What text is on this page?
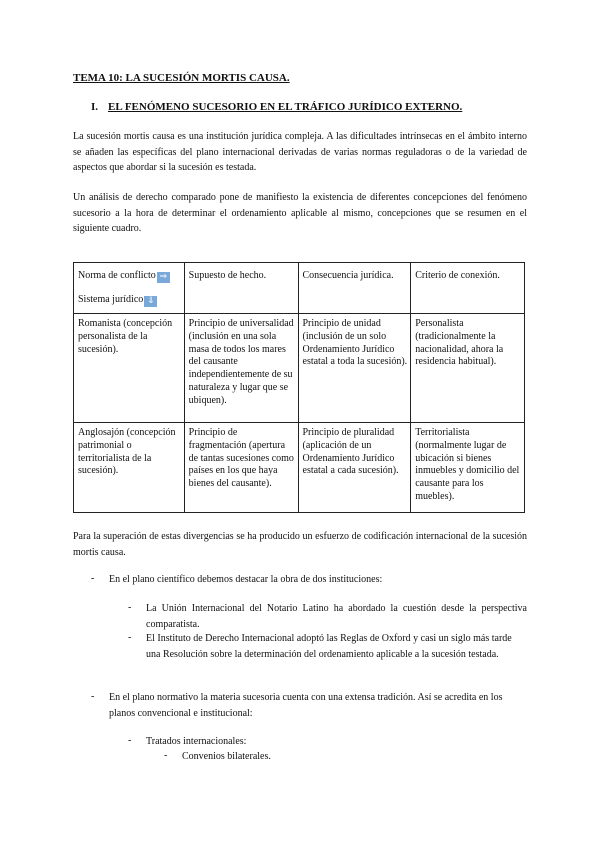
TEMA 10: LA SUCESIÓN MORTIS CAUSA.

I. EL FENÓMENO SUCESORIO EN EL TRÁFICO JURÍDICO EXTERNO.

La sucesión mortis causa es una institución jurídica compleja. A las dificultades intrínsecas en el ámbito interno se añaden las específicas del plano internacional derivadas de varias normas reguladoras o de la variedad de aspectos que abordar si la sucesión es testada.

Un análisis de derecho comparado pone de manifiesto la existencia de diferentes concepciones del fenómeno sucesorio a la hora de determinar el ordenamiento aplicable al mismo, concepciones que se resumen en el siguiente cuadro.

Norma de conflicto ⇒
Sistema jurídico ⇓	Supuesto de hecho.	Consecuencia jurídica.	Criterio de conexión.
Romanista (concepción personalista de la sucesión).	Principio de universalidad (inclusión en una sola masa de todos los mares del causante independientemente de su naturaleza y lugar que se ubiquen).	Principio de unidad (inclusión de un solo Ordenamiento Jurídico estatal a toda la sucesión).	Personalista (tradicionalmente la nacionalidad, ahora la residencia habitual).
Anglosajón (concepción patrimonial o territorialista de la sucesión).	Principio de fragmentación (apertura de tantas sucesiones como países en los que haya bienes del causante).	Principio de pluralidad (aplicación de un Ordenamiento Jurídico estatal a cada sucesión).	Territorialista (normalmente lugar de ubicación si bienes inmuebles y domicilio del causante para los muebles).

Para la superación de estas divergencias se ha producido un esfuerzo de codificación internacional de la sucesión mortis causa.

- En el plano científico debemos destacar la obra de dos instituciones:

- La Unión Internacional del Notario Latino ha abordado la cuestión desde la perspectiva comparatista.

- El Instituto de Derecho Internacional adoptó las Reglas de Oxford y casi un siglo más tarde una Resolución sobre la determinación del ordenamiento aplicable a la sucesión testada.

- En el plano normativo la materia sucesoria cuenta con una extensa tradición. Así se acredita en los planos convencional e institucional:

- Tratados internacionales:

- Convenios bilaterales.
